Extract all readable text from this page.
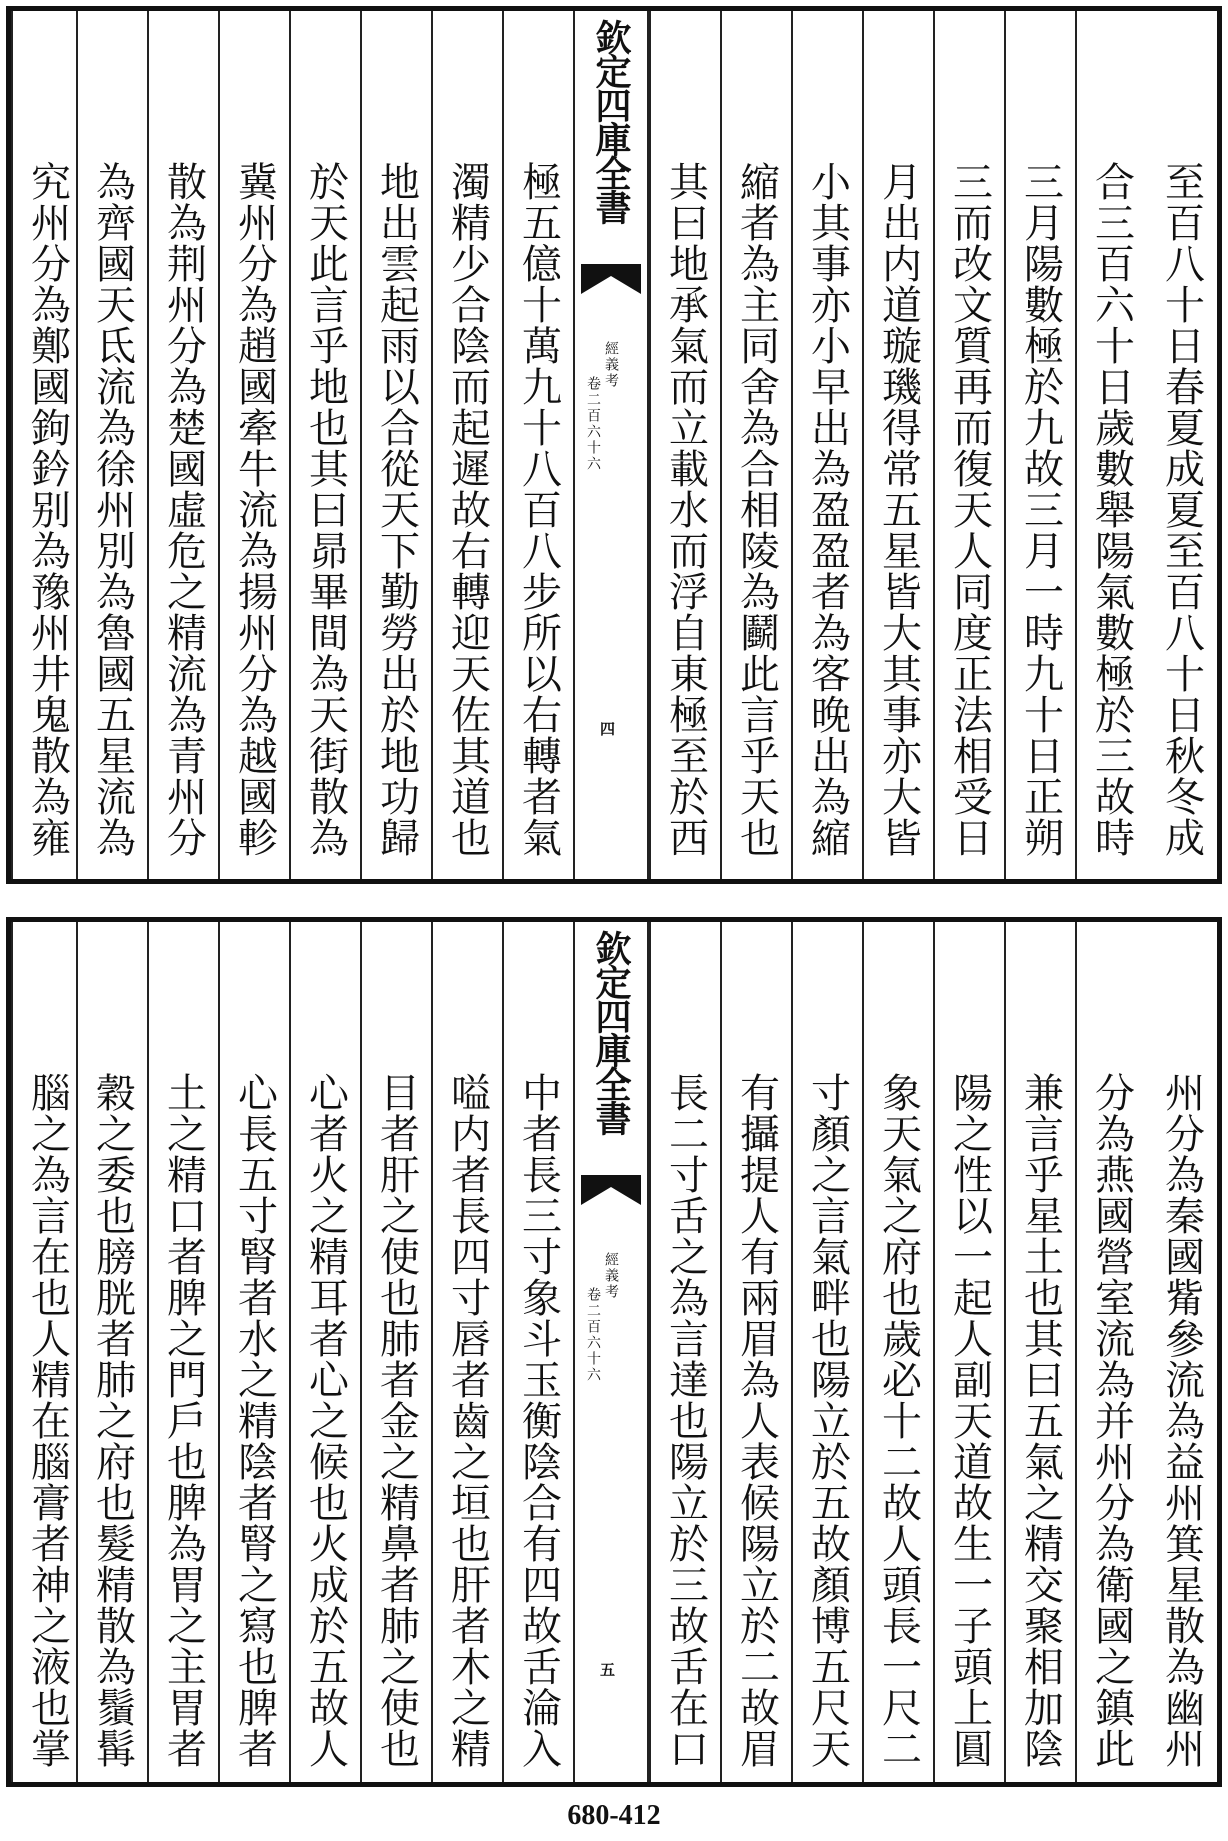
至百八十日春夏成夏至百八十日秋冬成
合三百六十日歲數舉陽氣數極於三故時
三月陽數極於九故三月一時九十日正朔
三而改文質再而復天人同度正法相受日
月出内道璇璣得常五星皆大其事亦大皆
小其事亦小早出為盈盈者為客晚出為縮
縮者為主同舍為合相陵為鬬此言乎天也
其曰地承氣而立載水而浮自東極至於西
欽定四庫全書
經義考
卷二百六十六
四
極五億十萬九十八百八步所以右轉者氣
濁精少合陰而起遲故右轉迎天佐其道也
地出雲起雨以合從天下勤勞出於地功歸
於天此言乎地也其曰昴畢間為天街散為
冀州分為趙國牽牛流為揚州分為越國軫
散為荆州分為楚國虛危之精流為青州分
為齊國天氐流為徐州別為魯國五星流為
究州分為鄭國鉤鈐别為豫州井鬼散為雍
州分為秦國觜參流為益州箕星散為幽州
分為燕國營室流為并州分為衛國之鎮此
兼言乎星土也其曰五氣之精交聚相加陰
陽之性以一起人副天道故生一子頭上圓
象天氣之府也歲必十二故人頭長一尺二
寸顏之言氣畔也陽立於五故顏博五尺天
有攝提人有兩眉為人表候陽立於二故眉
長二寸舌之為言達也陽立於三故舌在口
欽定四庫全書
經義考
卷二百六十六
五
中者長三寸象斗玉衡陰合有四故舌淪入
嗌内者長四寸唇者齒之垣也肝者木之精
目者肝之使也肺者金之精鼻者肺之使也
心者火之精耳者心之候也火成於五故人
心長五寸腎者水之精陰者腎之寫也脾者
土之精口者脾之門戶也脾為胃之主胃者
穀之委也膀胱者肺之府也髮精散為鬚髯
腦之為言在也人精在腦膏者神之液也掌
680-412
